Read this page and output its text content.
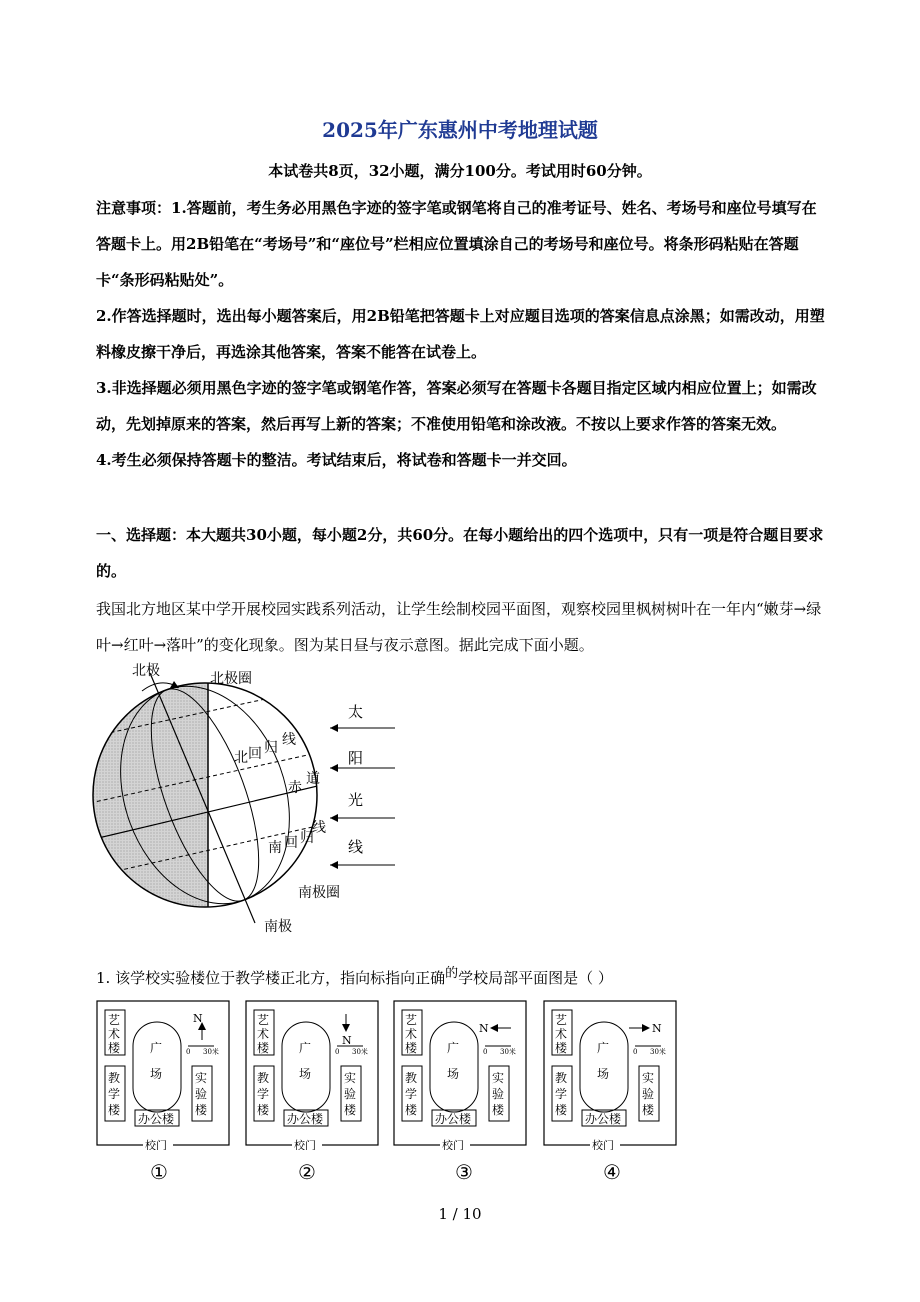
2025年广东惠州中考地理试题
本试卷共8页，32小题，满分100分。考试用时60分钟。

注意事项：1.答题前，考生务必用黑色字迹的签字笔或钢笔将自己的准考证号、姓名、考场号和座位号填写在答题卡上。用2B铅笔在“考场号”和“座位号”栏相应位置填涂自己的考场号和座位号。将条形码粘贴在答题卡“条形码粘贴处”。

2.作答选择题时，选出每小题答案后，用2B铅笔把答题卡上对应题目选项的答案信息点涂黑；如需改动，用塑料橡皮擦干净后，再选涂其他答案，答案不能答在试卷上。

3.非选择题必须用黑色字迹的签字笔或钢笔作答，答案必须写在答题卡各题目指定区域内相应位置上；如需改动，先划掉原来的答案，然后再写上新的答案；不准使用铅笔和涂改液。不按以上要求作答的答案无效。

4.考生必须保持答题卡的整洁。考试结束后，将试卷和答题卡一并交回。

一、选择题：本大题共30小题，每小题2分，共60分。在每小题给出的四个选项中，只有一项是符合题目要求的。

我国北方地区某中学开展校园实践系列活动，让学生绘制校园平面图，观察校园里枫树树叶在一年内“嫩芽→绿叶→红叶→落叶”的变化现象。图为某日昼与夜示意图。据此完成下面小题。

北极	北极圈
北 回 归 线
赤
道
南 回 归
线
南极圈
南极
太
阳
光
线
1. 该学校实验楼位于教学楼正北方，指向标指向正确$^的$学校局部平面图是（ ）
艺
术
楼 广
场
教
学
楼
实
验
楼
办公楼
校门
N
0 30米
艺
术
楼 广
场
教
学
楼
实
验
楼
办公楼
校门
N
0 30米
艺
术
楼 广
场
教
学
楼
实
验
楼
办公楼
校门
N
0 30米
艺
术
楼 广
场
教
学
楼
实
验
楼
办公楼
校门
N
0 30米
①	②	③	④
1 / 10
